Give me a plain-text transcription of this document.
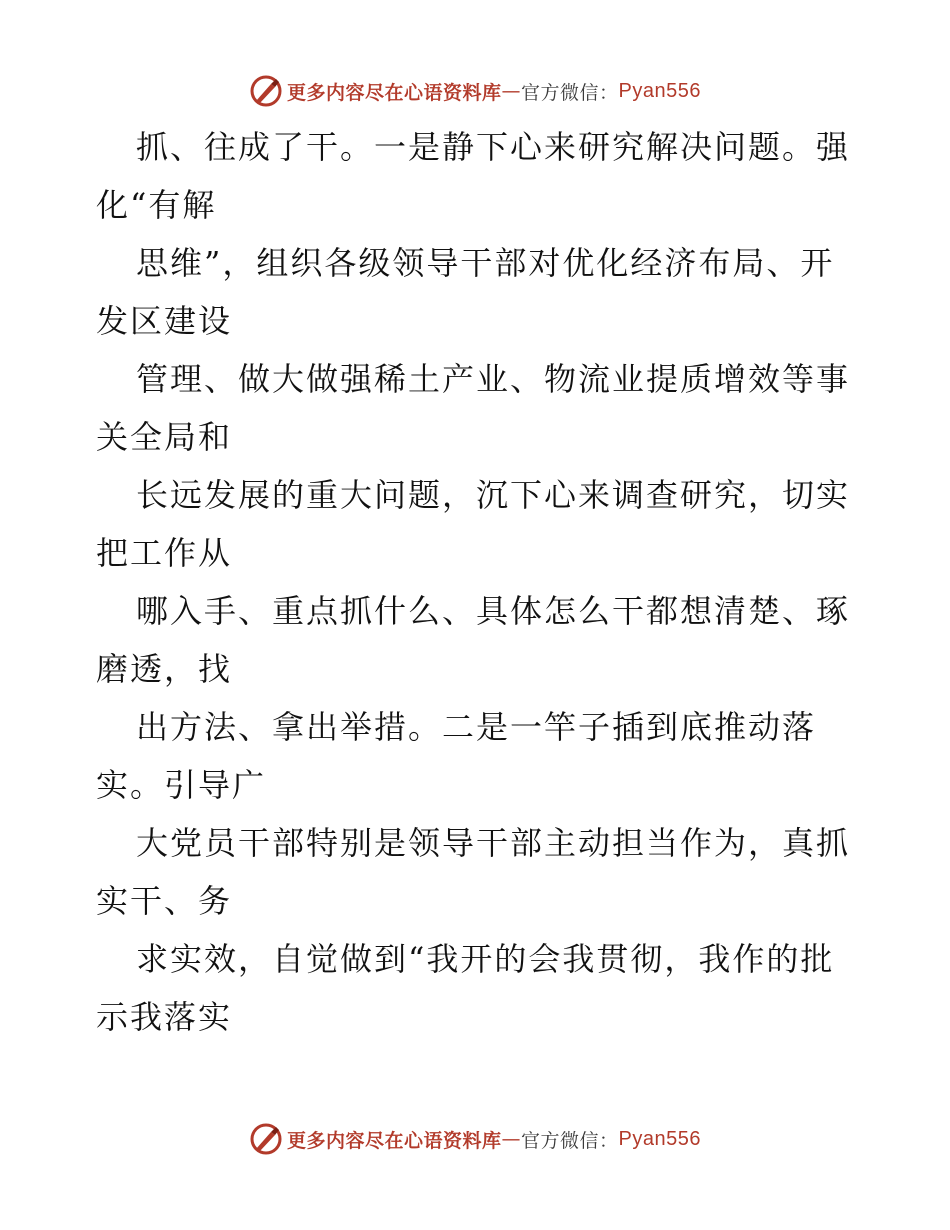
更多内容尽在心语资料库 — 官方微信： Pyan556
抓、往成了干。一是静下心来研究解决问题。强
化“有解
思维”，组织各级领导干部对优化经济布局、开
发区建设
管理、做大做强稀土产业、物流业提质增效等事
关全局和
长远发展的重大问题，沉下心来调查研究，切实
把工作从
哪入手、重点抓什么、具体怎么干都想清楚、琢
磨透，找
出方法、拿出举措。二是一竿子插到底推动落
实。引导广
大党员干部特别是领导干部主动担当作为，真抓
实干、务
求实效，自觉做到“我开的会我贯彻，我作的批
示我落实
更多内容尽在心语资料库 — 官方微信： Pyan556
